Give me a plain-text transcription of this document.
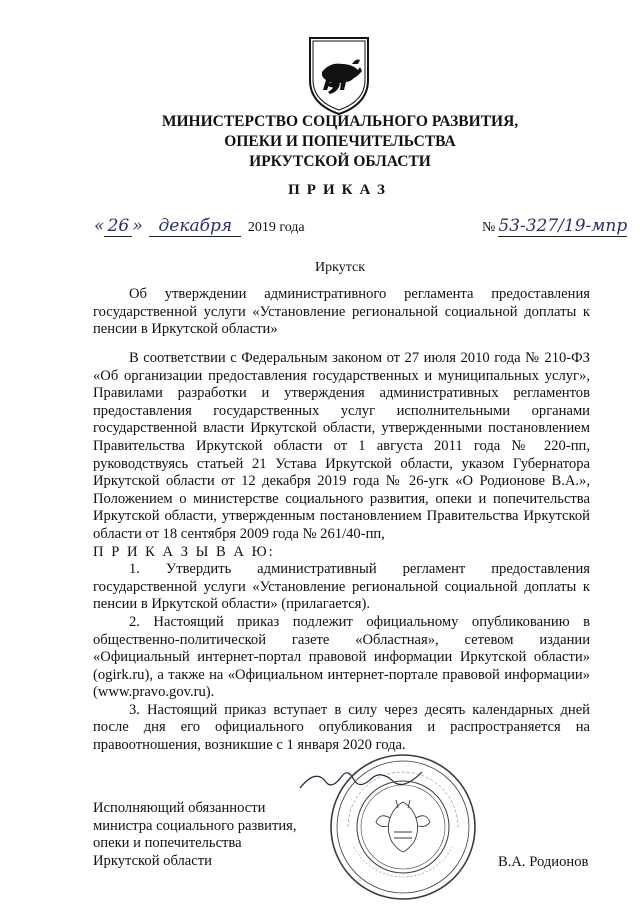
МИНИСТЕРСТВО СОЦИАЛЬНОГО РАЗВИТИЯ,
ОПЕКИ И ПОПЕЧИТЕЛЬСТВА
ИРКУТСКОЙ ОБЛАСТИ
ПРИКАЗ
« 26 » декабря 2019 года	№ 53-327/19-мпр
Иркутск

Об утверждении административного регламента предоставления государственной услуги «Установление региональной социальной доплаты к пенсии в Иркутской области»

В соответствии с Федеральным законом от 27 июля 2010 года № 210-ФЗ «Об организации предоставления государственных и муниципальных услуг», Правилами разработки и утверждения административных регламентов предоставления государственных услуг исполнительными органами государственной власти Иркутской области, утвержденными постановлением Правительства Иркутской области от 1 августа 2011 года № 220-пп, руководствуясь статьей 21 Устава Иркутской области, указом Губернатора Иркутской области от 12 декабря 2019 года № 26-угк «О Родионове В.А.», Положением о министерстве социального развития, опеки и попечительства Иркутской области, утвержденным постановлением Правительства Иркутской области от 18 сентября 2009 года № 261/40-пп,

П Р И К А З Ы В А Ю:

1. Утвердить административный регламент предоставления государственной услуги «Установление региональной социальной доплаты к пенсии в Иркутской области» (прилагается).

2. Настоящий приказ подлежит официальному опубликованию в общественно-политической газете «Областная», сетевом издании «Официальный интернет-портал правовой информации Иркутской области» (ogirk.ru), а также на «Официальном интернет-портале правовой информации» (www.pravo.gov.ru).

3. Настоящий приказ вступает в силу через десять календарных дней после дня его официального опубликования и распространяется на правоотношения, возникшие с 1 января 2020 года.

Исполняющий обязанности
министра социального развития,
опеки и попечительства
Иркутской области	В.А. Родионов
